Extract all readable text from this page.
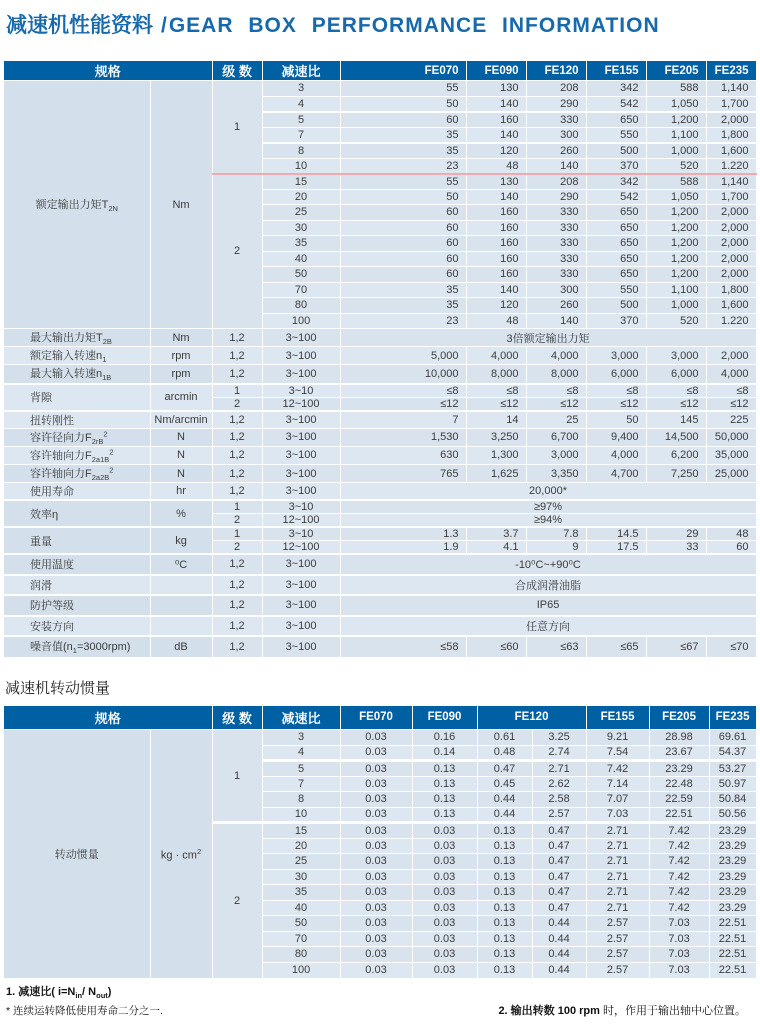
减速机性能资料 /GEAR BOX PERFORMANCE INFORMATION
规格		级 数	减速比	FE070	FE090	FE120	FE155	FE205	FE235
额定输出力矩$T_{2N}$	Nm	1	3	55	130	208	342	588	1,140
			4	50	140	290	542	1,050	1,700
			5	60	160	330	650	1,200	2,000
			7	35	140	300	550	1,100	1,800
			8	35	120	260	500	1,000	1,600
			10	23	48	140	370	520	1.220
		2	15	55	130	208	342	588	1,140
			20	50	140	290	542	1,050	1,700
			25	60	160	330	650	1,200	2,000
			30	60	160	330	650	1,200	2,000
			35	60	160	330	650	1,200	2,000
			40	60	160	330	650	1,200	2,000
			50	60	160	330	650	1,200	2,000
			70	35	140	300	550	1,100	1,800
			80	35	120	260	500	1,000	1,600
			100	23	48	140	370	520	1.220
最大输出力矩$T_{2B}$	Nm	1,2	3~100	3倍额定输出力矩					
额定输入转速$n_1$	rpm	1,2	3~100	5,000	4,000	4,000	3,000	3,000	2,000
最大输入转速$n_{1B}$	rpm	1,2	3~100	10,000	8,000	8,000	6,000	6,000	4,000
背隙	arcmin	1	3~10	≤8	≤8	≤8	≤8	≤8	≤8
		2	12~100	≤12	≤12	≤12	≤12	≤12	≤12
扭转刚性	Nm/arcmin	1,2	3~100	7	14	25	50	145	225
容许径向力$F_{2rB}^2$	N	1,2	3~100	1,530	3,250	6,700	9,400	14,500	50,000
容许轴向力$F_{2a1B}^2$	N	1,2	3~100	630	1,300	3,000	4,000	6,200	35,000
容许轴向力$F_{2a2B}^2$	N	1,2	3~100	765	1,625	3,350	4,700	7,250	25,000
使用寿命	hr	1,2	3~100	20,000*					
效率η	%	1	3~10	≥97%					
		2	12~100	≥94%					
重量	kg	1	3~10	1.3	3.7	7.8	14.5	29	48
		2	12~100	1.9	4.1	9	17.5	33	60
使用温度	⁰C	1,2	3~100	-10⁰C~+90⁰C					
润滑		1,2	3~100	合成润滑油脂					
防护等级		1,2	3~100	IP65					
安装方向		1,2	3~100	任意方向					
噪音值$(n_1=3000rpm)$	dB	1,2	3~100	≤58	≤60	≤63	≤65	≤67	≤70
减速机转动惯量
规格		级 数	减速比	FE070	FE090	FE120		FE155	FE205	FE235
转动惯量	kg · $cm^2$	1	3	0.03	0.16	0.61	3.25	9.21	28.98	69.61
			4	0.03	0.14	0.48	2.74	7.54	23.67	54.37
			5	0.03	0.13	0.47	2.71	7.42	23.29	53.27
			7	0.03	0.13	0.45	2.62	7.14	22.48	50.97
			8	0.03	0.13	0.44	2.58	7.07	22.59	50.84
			10	0.03	0.13	0.44	2.57	7.03	22.51	50.56
		2	15	0.03	0.03	0.13	0.47	2.71	7.42	23.29
			20	0.03	0.03	0.13	0.47	2.71	7.42	23.29
			25	0.03	0.03	0.13	0.47	2.71	7.42	23.29
			30	0.03	0.03	0.13	0.47	2.71	7.42	23.29
			35	0.03	0.03	0.13	0.47	2.71	7.42	23.29
			40	0.03	0.03	0.13	0.47	2.71	7.42	23.29
			50	0.03	0.03	0.13	0.44	2.57	7.03	22.51
			70	0.03	0.03	0.13	0.44	2.57	7.03	22.51
			80	0.03	0.03	0.13	0.44	2.57	7.03	22.51
			100	0.03	0.03	0.13	0.44	2.57	7.03	22.51
1. 减速比( $i=N_{in}/$ $N_{out}$)
* 连续运转降低使用寿命二分之一.	2. 输出转数 100 rpm 时，作用于输出轴中心位置。
